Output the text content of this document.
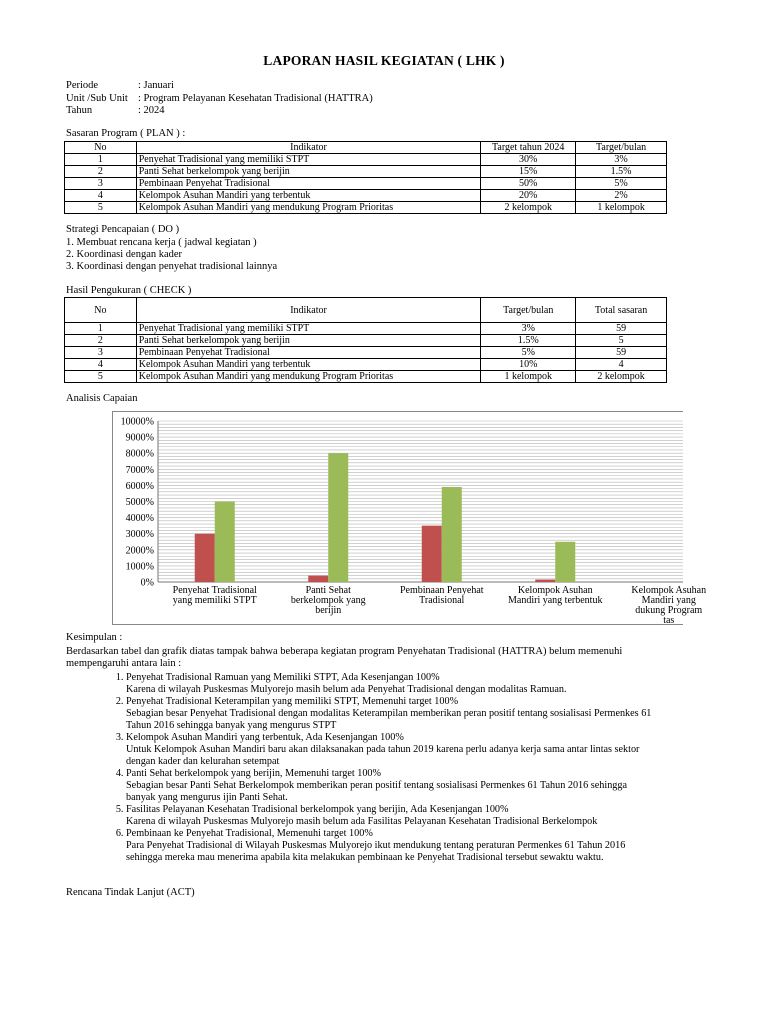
LAPORAN HASIL KEGIATAN ( LHK )
Periode	: Januari
Unit /Sub Unit : Program Pelayanan Kesehatan Tradisional (HATTRA)
Tahun	: 2024
Sasaran Program ( PLAN ) :
No	Indikator	Target tahun 2024	Target/bulan
1	Penyehat Tradisional yang memiliki STPT	30%	3%
2	Panti Sehat berkelompok yang berijin	15%	1.5%
3	Pembinaan Penyehat Tradisional	50%	5%
4	Kelompok Asuhan Mandiri yang terbentuk	20%	2%
5	Kelompok Asuhan Mandiri yang mendukung Program Prioritas	2 kelompok	1 kelompok
Strategi Pencapaian ( DO )
1. Membuat rencana kerja ( jadwal kegiatan )
2. Koordinasi dengan kader
3. Koordinasi dengan penyehat tradisional lainnya
Hasil Pengukuran ( CHECK )
No	Indikator	Target/bulan	Total sasaran
1	Penyehat Tradisional yang memiliki STPT	3%	59
2	Panti Sehat berkelompok yang berijin	1.5%	5
3	Pembinaan Penyehat Tradisional	5%	59
4	Kelompok Asuhan Mandiri yang terbentuk	10%	4
5	Kelompok Asuhan Mandiri yang mendukung Program Prioritas	1 kelompok	2 kelompok
Analisis Capaian
0%
1000%
2000%
3000%
4000%
5000%
6000%
7000%
8000%
9000%
10000%
Penyehat Tradisional
yang memiliki STPT
Panti Sehat
berkelompok yang
berijin
Pembinaan Penyehat
Tradisional
Kelompok Asuhan
Mandiri yang terbentuk
Kelompok Asuhan
Mandiri yang
dukung Program
tas
Kesimpulan :
Berdasarkan tabel dan grafik diatas tampak bahwa beberapa kegiatan program Penyehatan Tradisional (HATTRA) belum memenuhi
mempengaruhi antara lain :
1. Penyehat Tradisional Ramuan yang Memiliki STPT, Ada Kesenjangan 100%
Karena di wilayah Puskesmas Mulyorejo masih belum ada Penyehat Tradisional dengan modalitas Ramuan.
2. Penyehat Tradisional Keterampilan yang memiliki STPT, Memenuhi target 100%
Sebagian besar Penyehat Tradisional dengan modalitas Keterampilan memberikan peran positif tentang sosialisasi Permenkes 61
Tahun 2016 sehingga banyak yang mengurus STPT
3. Kelompok Asuhan Mandiri yang terbentuk, Ada Kesenjangan 100%
Untuk Kelompok Asuhan Mandiri baru akan dilaksanakan pada tahun 2019 karena perlu adanya kerja sama antar lintas sektor
dengan kader dan kelurahan setempat
4. Panti Sehat berkelompok yang berijin, Memenuhi target 100%
Sebagian besar Panti Sehat Berkelompok memberikan peran positif tentang sosialisasi Permenkes 61 Tahun 2016 sehingga
banyak yang mengurus ijin Panti Sehat.
5. Fasilitas Pelayanan Kesehatan Tradisional berkelompok yang berijin, Ada Kesenjangan 100%
Karena di wilayah Puskesmas Mulyorejo masih belum ada Fasilitas Pelayanan Kesehatan Tradisional Berkelompok
6. Pembinaan ke Penyehat Tradisional, Memenuhi target 100%
Para Penyehat Tradisional di Wilayah Puskesmas Mulyorejo ikut mendukung tentang peraturan Permenkes 61 Tahun 2016
sehingga mereka mau menerima apabila kita melakukan pembinaan ke Penyehat Tradisional tersebut sewaktu waktu.
Rencana Tindak Lanjut (ACT)
